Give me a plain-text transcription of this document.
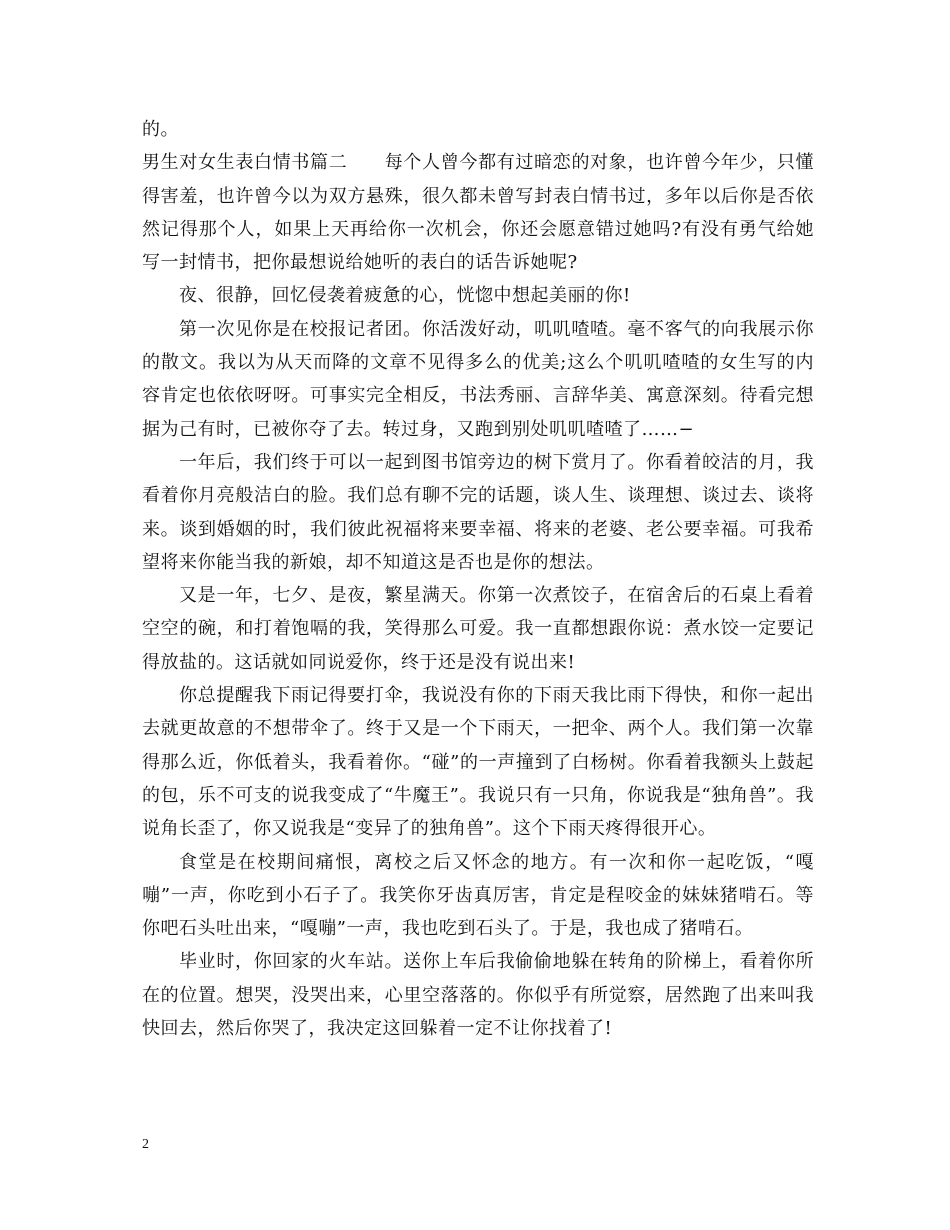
的。

男生对女生表白情书篇二　　每个人曾今都有过暗恋的对象，也许曾今年少，只懂得害羞，也许曾今以为双方悬殊，很久都未曾写封表白情书过，多年以后你是否依然记得那个人，如果上天再给你一次机会，你还会愿意错过她吗?有没有勇气给她写一封情书，把你最想说给她听的表白的话告诉她呢?

夜、很静，回忆侵袭着疲惫的心，恍惚中想起美丽的你!

第一次见你是在校报记者团。你活泼好动，叽叽喳喳。毫不客气的向我展示你的散文。我以为从天而降的文章不见得多么的优美;这么个叽叽喳喳的女生写的内容肯定也依依呀呀。可事实完全相反，书法秀丽、言辞华美、寓意深刻。待看完想据为己有时，已被你夺了去。转过身，又跑到别处叽叽喳喳了……−

一年后，我们终于可以一起到图书馆旁边的树下赏月了。你看着皎洁的月，我看着你月亮般洁白的脸。我们总有聊不完的话题，谈人生、谈理想、谈过去、谈将来。谈到婚姻的时，我们彼此祝福将来要幸福、将来的老婆、老公要幸福。可我希望将来你能当我的新娘，却不知道这是否也是你的想法。

又是一年，七夕、是夜，繁星满天。你第一次煮饺子，在宿舍后的石桌上看着空空的碗，和打着饱嗝的我，笑得那么可爱。我一直都想跟你说：煮水饺一定要记得放盐的。这话就如同说爱你，终于还是没有说出来!

你总提醒我下雨记得要打伞，我说没有你的下雨天我比雨下得快，和你一起出去就更故意的不想带伞了。终于又是一个下雨天，一把伞、两个人。我们第一次靠得那么近，你低着头，我看着你。“碰”的一声撞到了白杨树。你看着我额头上鼓起的包，乐不可支的说我变成了“牛魔王”。我说只有一只角，你说我是“独角兽”。我说角长歪了，你又说我是“变异了的独角兽”。这个下雨天疼得很开心。

食堂是在校期间痛恨，离校之后又怀念的地方。有一次和你一起吃饭，“嘎嘣”一声，你吃到小石子了。我笑你牙齿真厉害，肯定是程咬金的妹妹猪啃石。等你吧石头吐出来，“嘎嘣”一声，我也吃到石头了。于是，我也成了猪啃石。

毕业时，你回家的火车站。送你上车后我偷偷地躲在转角的阶梯上，看着你所在的位置。想哭，没哭出来，心里空落落的。你似乎有所觉察，居然跑了出来叫我快回去，然后你哭了，我决定这回躲着一定不让你找着了!

2
